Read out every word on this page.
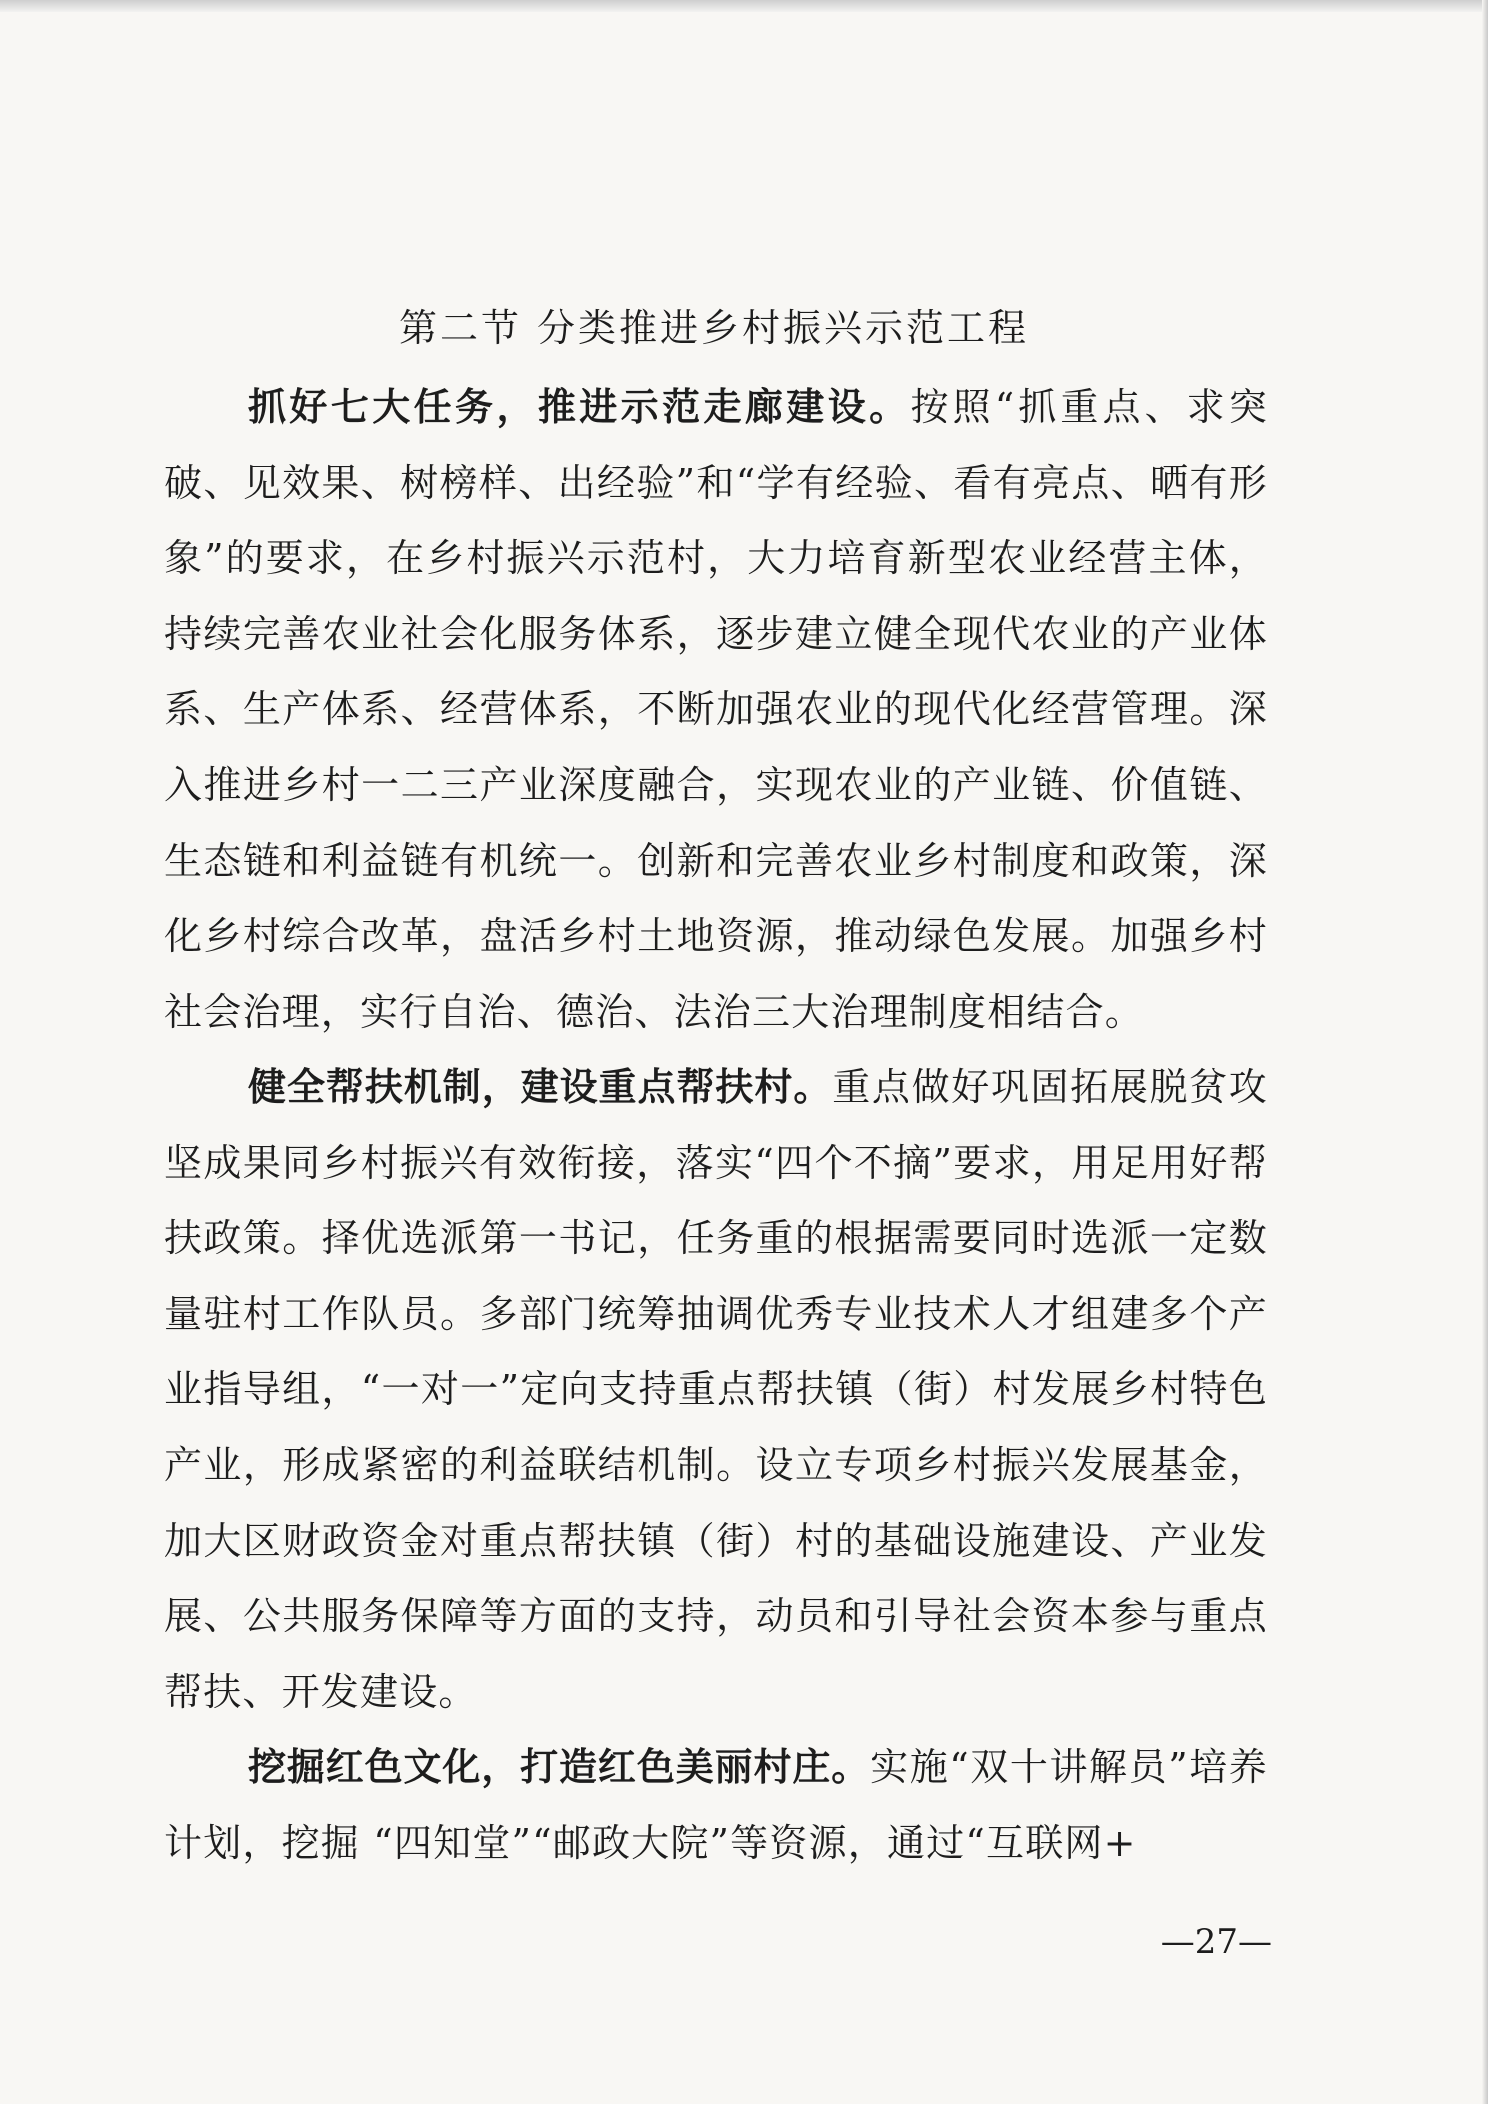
第二节 分类推进乡村振兴示范工程

抓好七大任务，推进示范走廊建设。按照“抓重点、求突破、见效果、树榜样、出经验”和“学有经验、看有亮点、晒有形象”的要求，在乡村振兴示范村，大力培育新型农业经营主体，持续完善农业社会化服务体系，逐步建立健全现代农业的产业体系、生产体系、经营体系，不断加强农业的现代化经营管理。深入推进乡村一二三产业深度融合，实现农业的产业链、价值链、生态链和利益链有机统一。创新和完善农业乡村制度和政策，深化乡村综合改革，盘活乡村土地资源，推动绿色发展。加强乡村社会治理，实行自治、德治、法治三大治理制度相结合。

健全帮扶机制，建设重点帮扶村。重点做好巩固拓展脱贫攻坚成果同乡村振兴有效衔接，落实“四个不摘”要求，用足用好帮扶政策。择优选派第一书记，任务重的根据需要同时选派一定数量驻村工作队员。多部门统筹抽调优秀专业技术人才组建多个产业指导组，“一对一”定向支持重点帮扶镇（街）村发展乡村特色产业，形成紧密的利益联结机制。设立专项乡村振兴发展基金，加大区财政资金对重点帮扶镇（街）村的基础设施建设、产业发展、公共服务保障等方面的支持，动员和引导社会资本参与重点帮扶、开发建设。

挖掘红色文化，打造红色美丽村庄。实施“双十讲解员”培养计划，挖掘 “四知堂”“邮政大院”等资源，通过“互联网+

—27—
